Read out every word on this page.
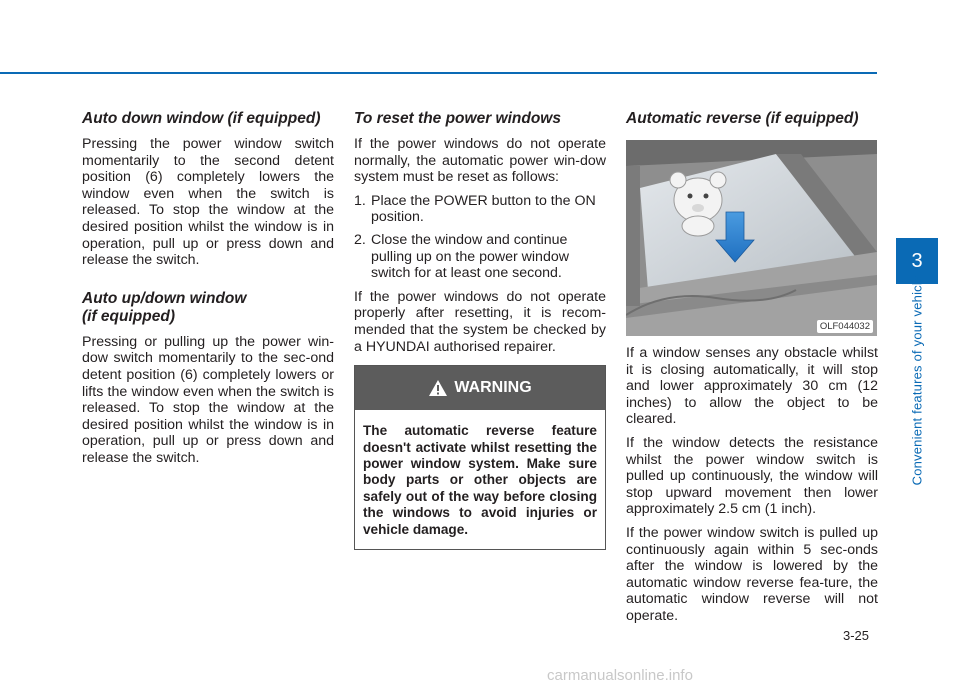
Auto down window (if equipped)

Pressing the power window switch momentarily to the second detent position (6) completely lowers the window even when the switch is released. To stop the window at the desired position whilst the window is in operation, pull up or press down and release the switch.

Auto up/down window
(if equipped)

Pressing or pulling up the power win-dow switch momentarily to the sec-ond detent position (6) completely lowers or lifts the window even when the switch is released. To stop the window at the desired position whilst the window is in operation, pull up or press down and release the switch.

To reset the power windows

If the power windows do not operate normally, the automatic power win-dow system must be reset as follows:

1. Place the POWER button to the ON position.
2. Close the window and continue pulling up on the power window switch for at least one second.

If the power windows do not operate properly after resetting, it is recom-mended that the system be checked by a HYUNDAI authorised repairer.

WARNING
The automatic reverse feature doesn't activate whilst resetting the power window system. Make sure body parts or other objects are safely out of the way before closing the windows to avoid injuries or vehicle damage.
Automatic reverse (if equipped)
OLF044032

If a window senses any obstacle whilst it is closing automatically, it will stop and lower approximately 30 cm (12 inches) to allow the object to be cleared.

If the window detects the resistance whilst the power window switch is pulled up continuously, the window will stop upward movement then lower approximately 2.5 cm (1 inch).

If the power window switch is pulled up continuously again within 5 sec-onds after the window is lowered by the automatic window reverse fea-ture, the automatic window reverse will not operate.

3
Convenient features of your vehicle
3-25
carmanualsonline.info
